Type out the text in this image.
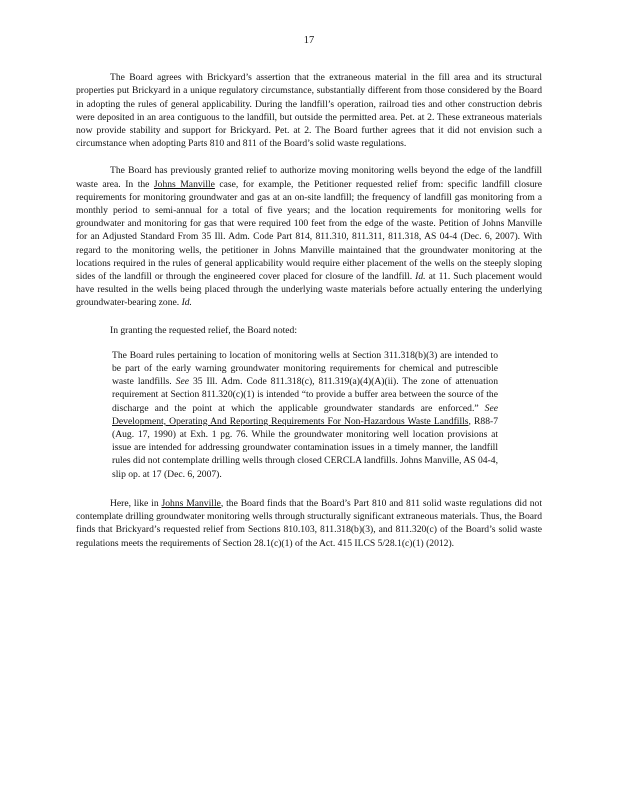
17

The Board agrees with Brickyard’s assertion that the extraneous material in the fill area and its structural properties put Brickyard in a unique regulatory circumstance, substantially different from those considered by the Board in adopting the rules of general applicability. During the landfill’s operation, railroad ties and other construction debris were deposited in an area contiguous to the landfill, but outside the permitted area. Pet. at 2. These extraneous materials now provide stability and support for Brickyard. Pet. at 2. The Board further agrees that it did not envision such a circumstance when adopting Parts 810 and 811 of the Board’s solid waste regulations.

The Board has previously granted relief to authorize moving monitoring wells beyond the edge of the landfill waste area. In the Johns Manville case, for example, the Petitioner requested relief from: specific landfill closure requirements for monitoring groundwater and gas at an on-site landfill; the frequency of landfill gas monitoring from a monthly period to semi-annual for a total of five years; and the location requirements for monitoring wells for groundwater and monitoring for gas that were required 100 feet from the edge of the waste. Petition of Johns Manville for an Adjusted Standard From 35 Ill. Adm. Code Part 814, 811.310, 811.311, 811.318, AS 04-4 (Dec. 6, 2007). With regard to the monitoring wells, the petitioner in Johns Manville maintained that the groundwater monitoring at the locations required in the rules of general applicability would require either placement of the wells on the steeply sloping sides of the landfill or through the engineered cover placed for closure of the landfill. Id. at 11. Such placement would have resulted in the wells being placed through the underlying waste materials before actually entering the underlying groundwater-bearing zone. Id.

In granting the requested relief, the Board noted:

The Board rules pertaining to location of monitoring wells at Section 311.318(b)(3) are intended to be part of the early warning groundwater monitoring requirements for chemical and putrescible waste landfills. See 35 Ill. Adm. Code 811.318(c), 811.319(a)(4)(A)(ii). The zone of attenuation requirement at Section 811.320(c)(1) is intended “to provide a buffer area between the source of the discharge and the point at which the applicable groundwater standards are enforced.” See Development, Operating And Reporting Requirements For Non-Hazardous Waste Landfills, R88-7 (Aug. 17, 1990) at Exh. 1 pg. 76. While the groundwater monitoring well location provisions at issue are intended for addressing groundwater contamination issues in a timely manner, the landfill rules did not contemplate drilling wells through closed CERCLA landfills. Johns Manville, AS 04-4, slip op. at 17 (Dec. 6, 2007).

Here, like in Johns Manville, the Board finds that the Board’s Part 810 and 811 solid waste regulations did not contemplate drilling groundwater monitoring wells through structurally significant extraneous materials. Thus, the Board finds that Brickyard’s requested relief from Sections 810.103, 811.318(b)(3), and 811.320(c) of the Board’s solid waste regulations meets the requirements of Section 28.1(c)(1) of the Act. 415 ILCS 5/28.1(c)(1) (2012).
